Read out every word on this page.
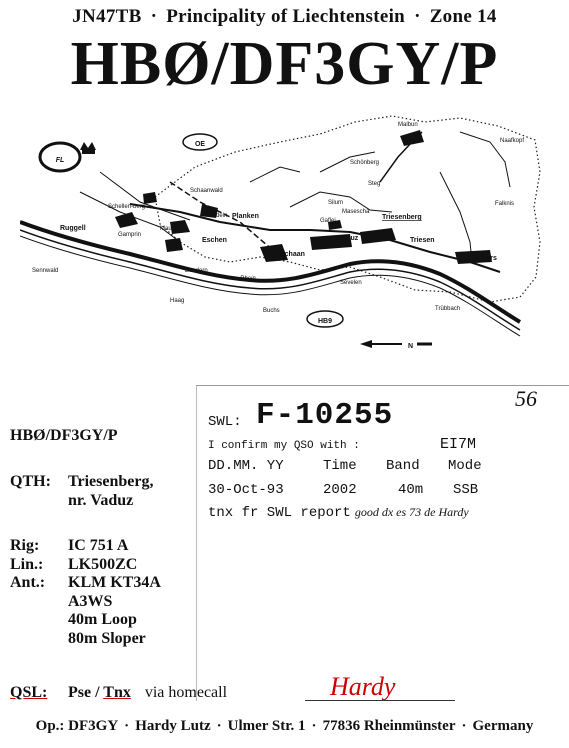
JN47TB · Principality of Liechtenstein · Zone 14
HBØ/DF3GY/P
OE
HB9
FL
N
Malbun
Naafkopf
Schönberg
Steg
Falknis
Schaanwald
Schellen-berg
Nendeln
Mauren
Planken
Silum
Masescha
Gaflei	Triesenberg
Ruggell
Gamprin
Eschen	Vaduz	Triesen
Sennwald	Bendern
Schaan
Balzers
Sevelen
Haag
Buchs	Trübbach
Rhein
HBØ/DF3GY/P
QTH: Triesenberg,
nr. Vaduz
Rig: IC 751 A
Lin.: LK500ZC
Ant.: KLM KT34A
A3WS
40m Loop
80m Sloper
QSL: Pse / Tnx via homecall	Hardy
SWL: F-10255	56
I confirm my QSO with :	EI7M
DD.MM. YY	Time Band Mode
30-Oct-93	2002	40m SSB
tnx fr SWL report good dx es 73 de Hardy
Op.: DF3GY · Hardy Lutz · Ulmer Str. 1 · 77836 Rheinmünster · Germany
